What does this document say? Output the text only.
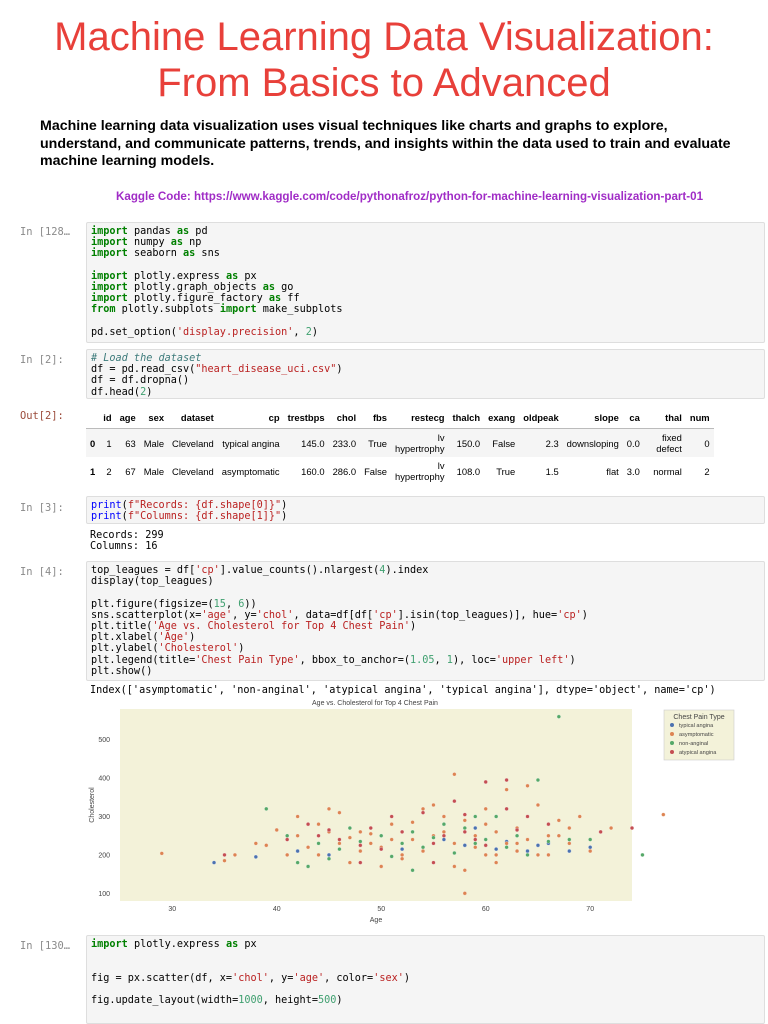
Machine Learning Data Visualization:
From Basics to Advanced
Machine learning data visualization uses visual techniques like charts and graphs to explore, understand, and communicate patterns, trends, and insights within the data used to train and evaluate machine learning models.
Kaggle Code: https://www.kaggle.com/code/pythonafroz/python-for-machine-learning-visualization-part-01
In [128…	import pandas as pd
import numpy as np
import seaborn as sns

import plotly.express as px
import plotly.graph_objects as go
import plotly.figure_factory as ff
from plotly.subplots import make_subplots

pd.set_option('display.precision', 2)
In [2]:	# Load the dataset
df = pd.read_csv("heart_disease_uci.csv")
df = df.dropna()
df.head(2)
Out[2]:
		id	age	sex	dataset	cp	trestbps	chol	fbs	restecg	thalch	exang	oldpeak	slope	ca	thal	num
0	1	63	Male	Cleveland	typical angina	145.0	233.0	True	lv hypertrophy	150.0	False	2.3	downsloping	0.0	fixed defect	0
1	2	67	Male	Cleveland	asymptomatic	160.0	286.0	False	lv hypertrophy	108.0	True	1.5	flat	3.0	normal	2
In [3]:	print(f"Records: {df.shape[0]}")
print(f"Columns: {df.shape[1]}")
Records: 299
Columns: 16
In [4]:	top_leagues = df['cp'].value_counts().nlargest(4).index
display(top_leagues)

plt.figure(figsize=(15, 6))
sns.scatterplot(x='age', y='chol', data=df[df['cp'].isin(top_leagues)], hue='cp')
plt.title('Age vs. Cholesterol for Top 4 Chest Pain')
plt.xlabel('Age')
plt.ylabel('Cholesterol')
plt.legend(title='Chest Pain Type', bbox_to_anchor=(1.05, 1), loc='upper left')
plt.show()
Index(['asymptomatic', 'non-anginal', 'atypical angina', 'typical angina'], dtype='object', name='cp')
Age vs. Cholesterol for Top 4 Chest Pain
30	40	50	60	70
100
200
300
400
500
Age
Cholesterol
Chest Pain Type
typical angina
asymptomatic
non-anginal
atypical angina
In [130…	import plotly.express as px

fig = px.scatter(df, x='chol', y='age', color='sex')

fig.update_layout(width=1000, height=500)
